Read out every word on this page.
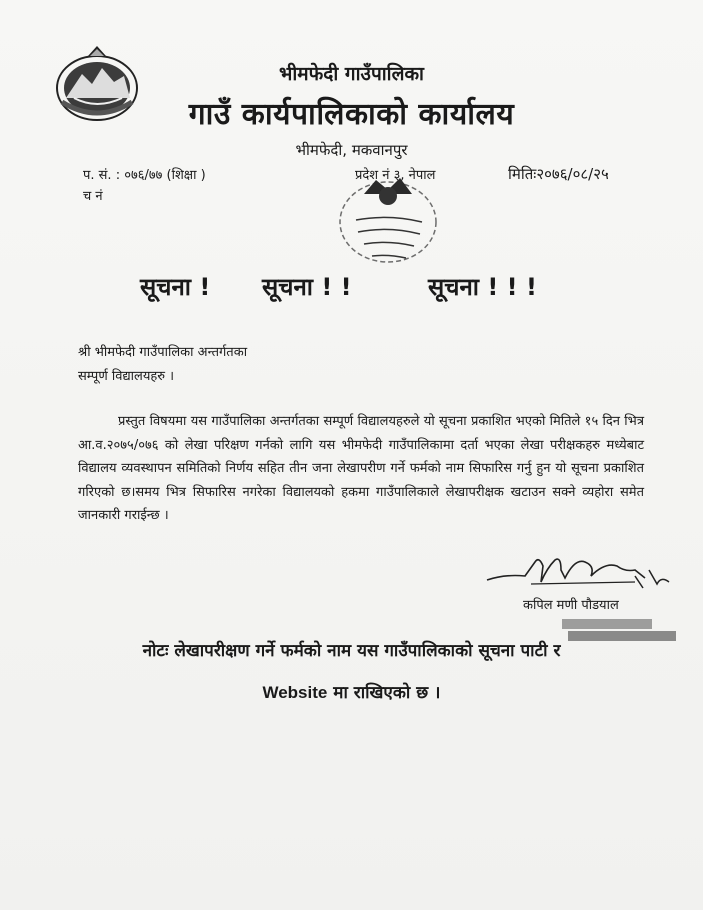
भीमफेदी गाउँपालिका
गाउँ कार्यपालिकाको कार्यालय
भीमफेदी, मकवानपुर
प. सं. : ०७६/७७ (शिक्षा )
च नं
प्रदेश नं ३, नेपाल	मितिः२०७६/०८/२५
सूचना ! सूचना ! !	सूचना ! ! !
श्री भीमफेदी गाउँपालिका अन्तर्गतका
सम्पूर्ण विद्यालयहरु ।
प्रस्तुत विषयमा यस गाउँपालिका अन्तर्गतका सम्पूर्ण विद्यालयहरुले यो सूचना प्रकाशित भएको मितिले १५ दिन भित्र आ.व.२०७५/०७६ को लेखा परिक्षण गर्नको लागि यस भीमफेदी गाउँपालिकामा दर्ता भएका लेखा परीक्षकहरु मध्येबाट विद्यालय व्यवस्थापन समितिको निर्णय सहित तीन जना लेखापरीण गर्ने फर्मको नाम सिफारिस गर्नु हुन यो सूचना प्रकाशित गरिएको छ।समय भित्र सिफारिस नगरेका विद्यालयको हकमा गाउँपालिकाले लेखापरीक्षक खटाउन सक्ने व्यहोरा समेत जानकारी गराईन्छ ।
कपिल मणी पौडयाल
नोटः लेखापरीक्षण गर्ने फर्मको नाम यस गाउँपालिकाको सूचना पाटी र
Website मा राखिएको छ ।
